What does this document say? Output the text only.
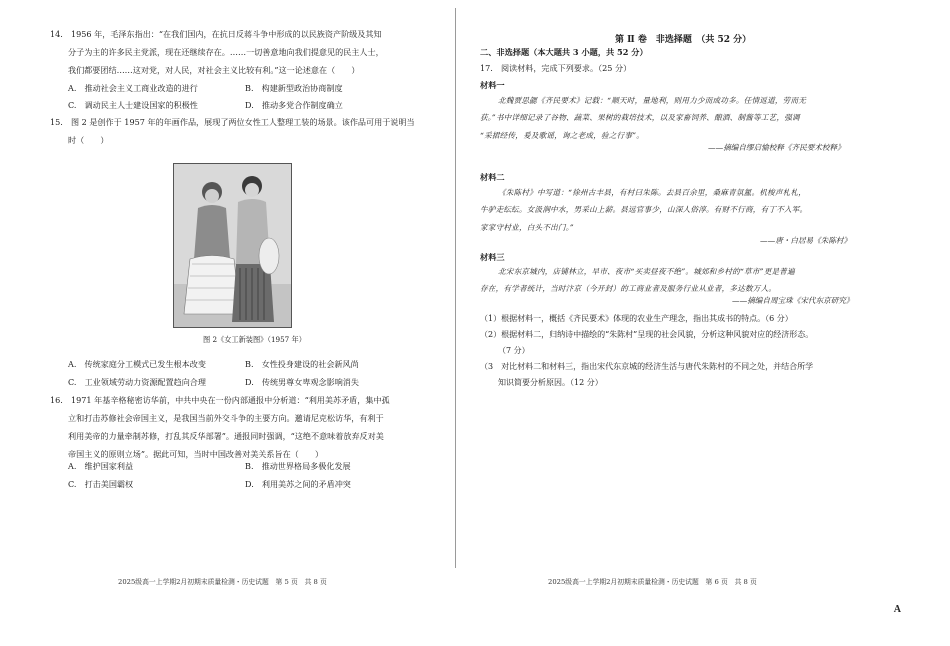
14.　1956 年，毛泽东指出：“在我们国内，在抗日反蒋斗争中形成的以民族资产阶级及其知
分子为主的许多民主党派，现在还继续存在。……一切善意地向我们提意见的民主人士，
我们都要团结……这对党，对人民，对社会主义比较有利。”这一论述意在（　　）
A.　推动社会主义工商业改造的进行	B.　构建新型政治协商制度
C.　调动民主人士建设国家的积极性	D.　推动多党合作制度确立
15.　图 2 是创作于 1957 年的年画作品，展现了两位女性工人整理工装的场景。该作品可用于说明当
时（　　）
图 2《女工新装图》（1957 年）
A.　传统家庭分工模式已发生根本改变	B.　女性投身建设的社会新风尚
C.　工业领域劳动力资源配置趋向合理	D.　传统男尊女卑观念影响消失
16.　1971 年基辛格秘密访华前，中共中央在一份内部通报中分析道：“利用美苏矛盾，集中孤
立和打击苏修社会帝国主义，是我国当前外交斗争的主要方向。邀请尼克松访华，有利于
利用美帝的力量牵制苏修，打乱其反华部署”。通报同时强调，“这绝不意味着放弃反对美
帝国主义的原则立场”。据此可知，当时中国改善对美关系旨在（　　）
A.　维护国家利益	B.　推动世界格局多极化发展
C.　打击美国霸权	D.　利用美苏之间的矛盾冲突
2025级高一上学期2月初期末质量检测・历史试题　第 5 页　共 8 页
第 Ⅱ 卷　非选择题　（共 52 分）
二、非选择题（本大题共 3 小题，共 52 分）
17.　阅读材料，完成下列要求。（25 分）
材料一
北魏贾思勰《齐民要术》记载：“顺天时，量地利，则用力少而成功多。任情返道，劳而无
获。”书中详细记录了谷物、蔬菜、果树的栽培技术，以及家畜饲养、酿酒、制酱等工艺，强调
“采捃经传，爰及歌谣，询之老成，验之行事”。
——摘编自缪启愉校释《齐民要术校释》
材料二
《朱陈村》中写道：“徐州古丰县，有村曰朱陈。去县百余里，桑麻青氛氲。机梭声札札，
牛驴走纭纭。女汲涧中水，男采山上薪。县远官事少，山深人俗淳。有财不行商，有丁不入军。
家家守村业，白头不出门。”
——唐・白居易《朱陈村》
材料三
北宋东京城内，店铺林立，早市、夜市“买卖昼夜不绝”。城郊和乡村的“草市”更是普遍
存在，有学者统计，当时汴京（今开封）的工商业者及服务行业从业者，多达数万人。
——摘编自周宝珠《宋代东京研究》
（1）根据材料一，概括《齐民要术》体现的农业生产理念，指出其成书的特点。（6 分）
（2）根据材料二，归纳诗中描绘的“朱陈村”呈现的社会风貌，分析这种风貌对应的经济形态。
（7 分）
（3　对比材料二和材料三，指出宋代东京城的经济生活与唐代朱陈村的不同之处，并结合所学
知识简要分析原因。（12 分）
2025级高一上学期2月初期末质量检测・历史试题　第 6 页　共 8 页
A
